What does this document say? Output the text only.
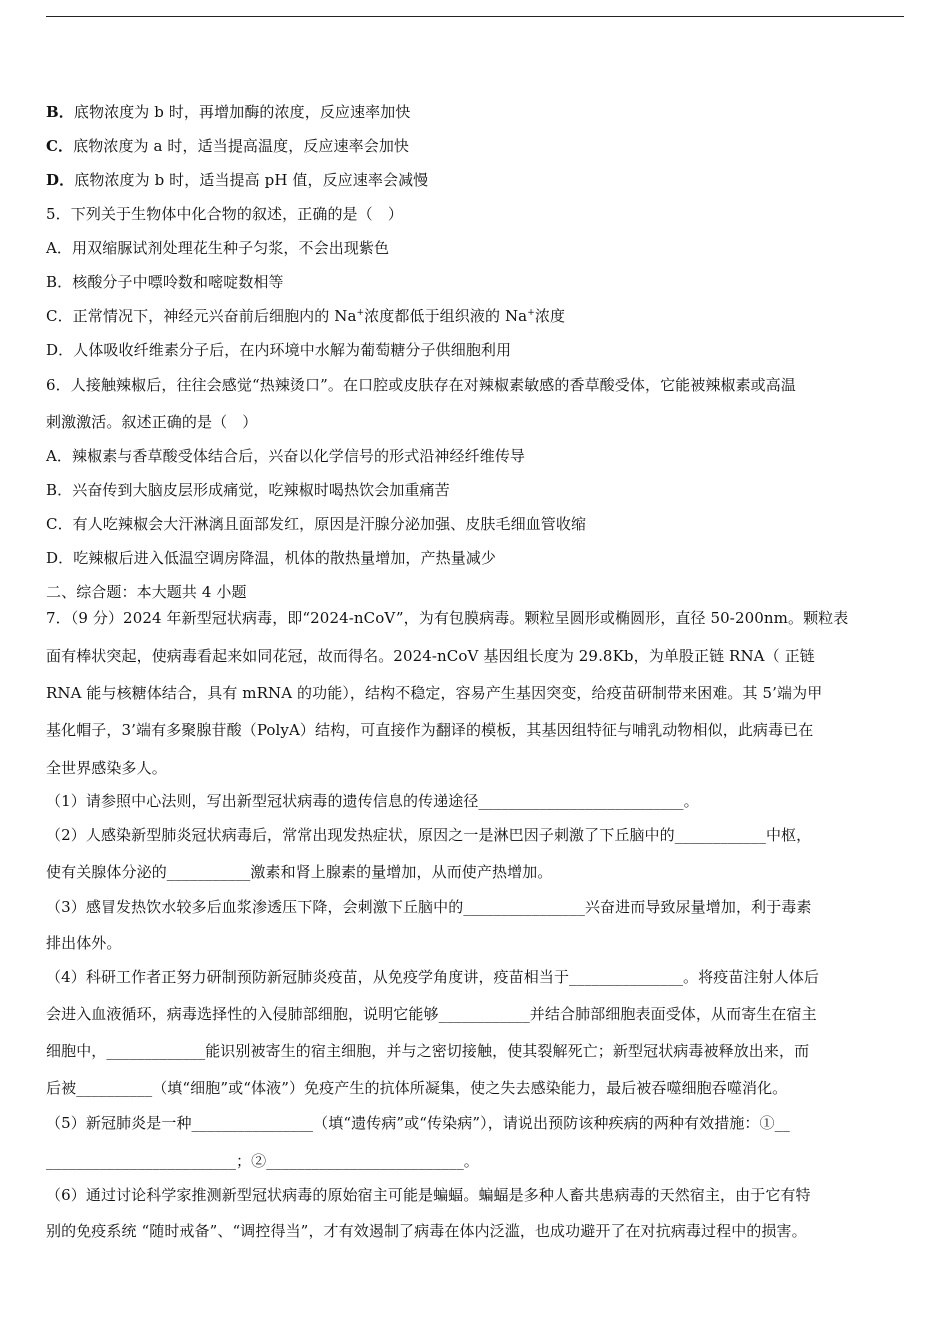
B．底物浓度为 b 时，再增加酶的浓度，反应速率加快
C．底物浓度为 a 时，适当提高温度，反应速率会加快
D．底物浓度为 b 时，适当提高 pH 值，反应速率会减慢
5．下列关于生物体中化合物的叙述，正确的是（　）
A．用双缩脲试剂处理花生种子匀浆，不会出现紫色
B．核酸分子中嘌呤数和嘧啶数相等
C．正常情况下，神经元兴奋前后细胞内的 Na+浓度都低于组织液的 Na+浓度
D．人体吸收纤维素分子后，在内环境中水解为葡萄糖分子供细胞利用
6．人接触辣椒后，往往会感觉“热辣烫口”。在口腔或皮肤存在对辣椒素敏感的香草酸受体，它能被辣椒素或高温
刺激激活。叙述正确的是（　）
A．辣椒素与香草酸受体结合后，兴奋以化学信号的形式沿神经纤维传导
B．兴奋传到大脑皮层形成痛觉，吃辣椒时喝热饮会加重痛苦
C．有人吃辣椒会大汗淋漓且面部发红，原因是汗腺分泌加强、皮肤毛细血管收缩
D．吃辣椒后进入低温空调房降温，机体的散热量增加，产热量减少
二、综合题：本大题共 4 小题
7．（9 分）2024 年新型冠状病毒，即“2024-nCoV”，为有包膜病毒。颗粒呈圆形或椭圆形，直径 50-200nm。颗粒表
面有棒状突起，使病毒看起来如同花冠，故而得名。2024-nCoV 基因组长度为 29.8Kb，为单股正链 RNA（ 正链
RNA 能与核糖体结合，具有 mRNA 的功能），结构不稳定，容易产生基因突变，给疫苗研制带来困难。其 5’端为甲
基化帽子，3’端有多聚腺苷酸（PolyA）结构，可直接作为翻译的模板，其基因组特征与哺乳动物相似，此病毒已在
全世界感染多人。
（1）请参照中心法则，写出新型冠状病毒的遗传信息的传递途径___________________________。
（2）人感染新型肺炎冠状病毒后，常常出现发热症状，原因之一是淋巴因子刺激了下丘脑中的____________中枢，
使有关腺体分泌的___________激素和肾上腺素的量增加，从而使产热增加。
（3）感冒发热饮水较多后血浆渗透压下降，会刺激下丘脑中的________________兴奋进而导致尿量增加，利于毒素
排出体外。
（4）科研工作者正努力研制预防新冠肺炎疫苗，从免疫学角度讲，疫苗相当于_______________。将疫苗注射人体后
会进入血液循环，病毒选择性的入侵肺部细胞，说明它能够____________并结合肺部细胞表面受体，从而寄生在宿主
细胞中，_____________能识别被寄生的宿主细胞，并与之密切接触，使其裂解死亡；新型冠状病毒被释放出来，而
后被__________（填“细胞”或“体液”）免疫产生的抗体所凝集，使之失去感染能力，最后被吞噬细胞吞噬消化。
（5）新冠肺炎是一种________________（填“遗传病”或“传染病”），请说出预防该种疾病的两种有效措施：①__
_________________________；②__________________________。
（6）通过讨论科学家推测新型冠状病毒的原始宿主可能是蝙蝠。蝙蝠是多种人畜共患病毒的天然宿主，由于它有特
别的免疫系统 “随时戒备”、“调控得当”，才有效遏制了病毒在体内泛滥，也成功避开了在对抗病毒过程中的损害。
